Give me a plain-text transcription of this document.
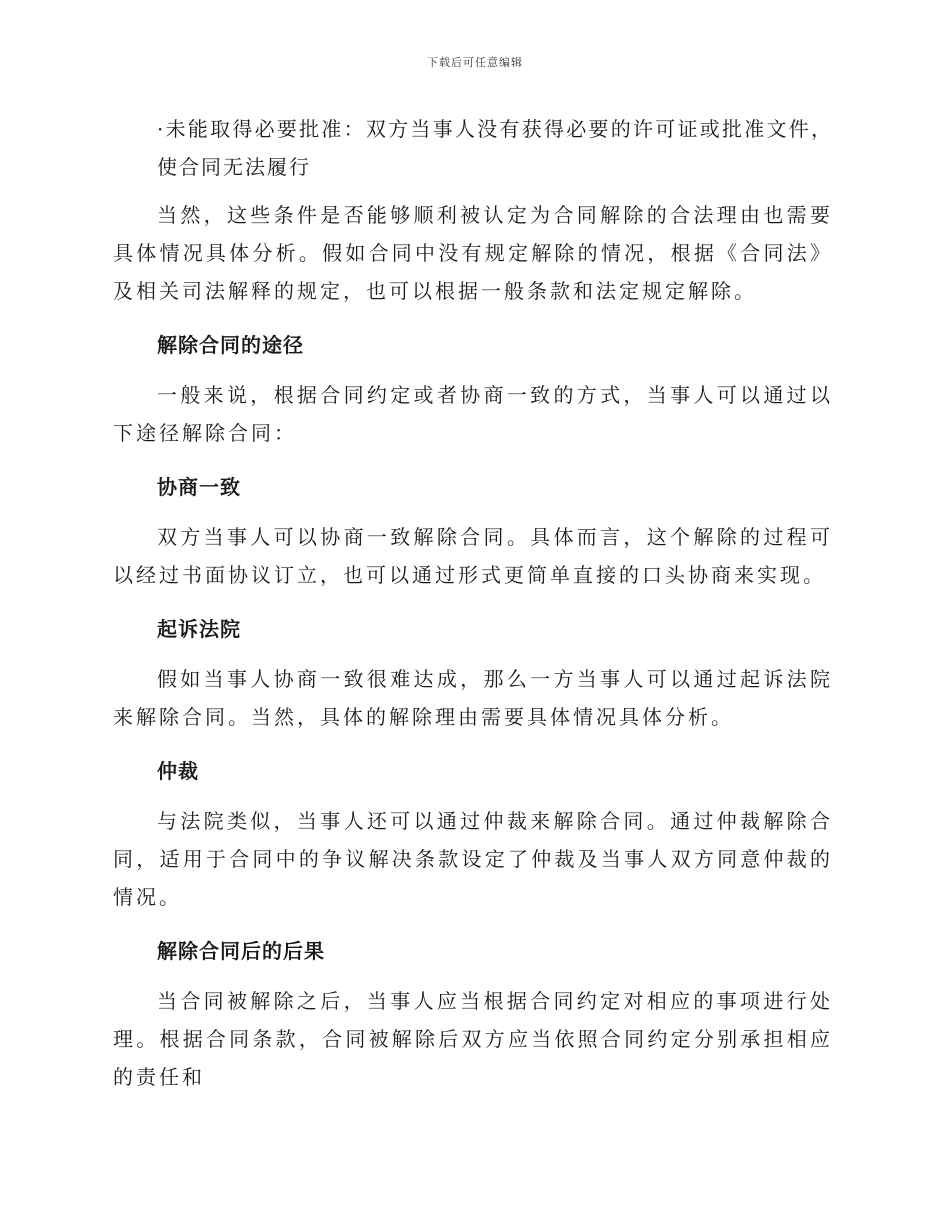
下载后可任意编辑

·未能取得必要批准：双方当事人没有获得必要的许可证或批准文件，使合同无法履行

当然，这些条件是否能够顺利被认定为合同解除的合法理由也需要具体情况具体分析。假如合同中没有规定解除的情况，根据《合同法》及相关司法解释的规定，也可以根据一般条款和法定规定解除。

解除合同的途径

一般来说，根据合同约定或者协商一致的方式，当事人可以通过以下途径解除合同：

协商一致

双方当事人可以协商一致解除合同。具体而言，这个解除的过程可以经过书面协议订立，也可以通过形式更简单直接的口头协商来实现。

起诉法院

假如当事人协商一致很难达成，那么一方当事人可以通过起诉法院来解除合同。当然，具体的解除理由需要具体情况具体分析。

仲裁

与法院类似，当事人还可以通过仲裁来解除合同。通过仲裁解除合同，适用于合同中的争议解决条款设定了仲裁及当事人双方同意仲裁的情况。

解除合同后的后果

当合同被解除之后，当事人应当根据合同约定对相应的事项进行处理。根据合同条款，合同被解除后双方应当依照合同约定分别承担相应的责任和
